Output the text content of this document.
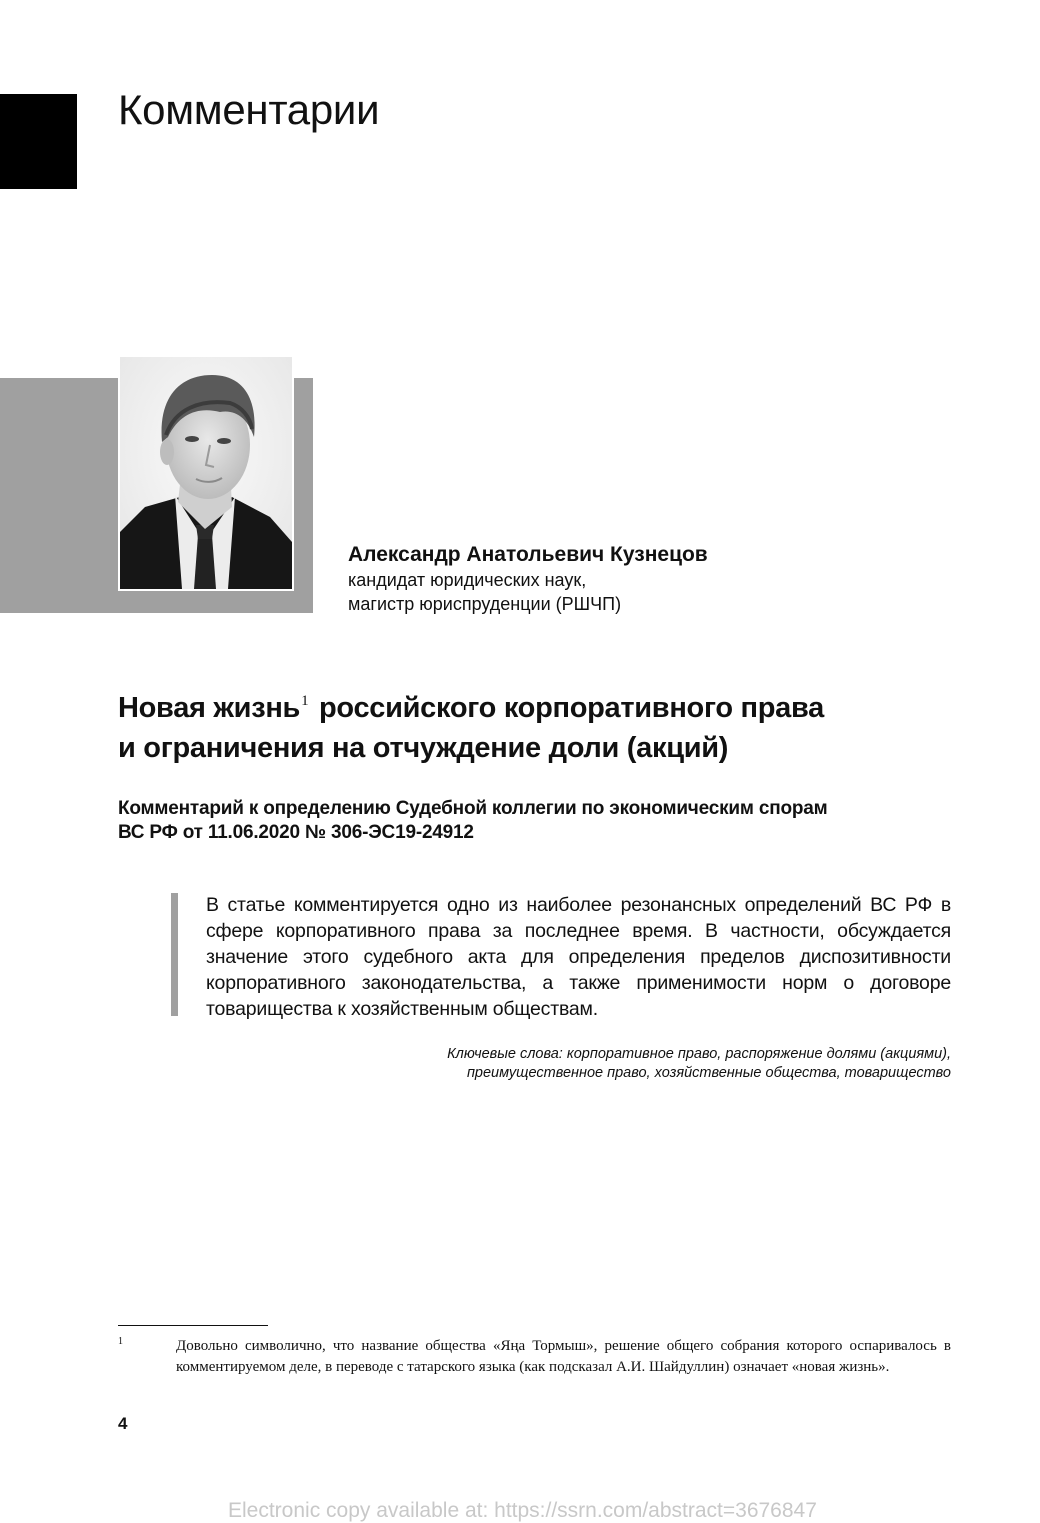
Комментарии

Александр Анатольевич Кузнецов

кандидат юридических наук,

магистр юриспруденции (РШЧП)

Новая жизнь$^1$ российского корпоративного права
и ограничения на отчуждение доли (акций)

Комментарий к определению Судебной коллегии по экономическим спорам
ВС РФ от 11.06.2020 № 306-ЭС19-24912

В статье комментируется одно из наиболее резонансных определений ВС РФ в сфере корпоративного права за последнее время. В частности, обсуждается значение этого судебного акта для определения пределов диспозитивности корпоративного законодательства, а также применимости норм о договоре товарищества к хозяйственным обществам.

Ключевые слова: корпоративное право, распоряжение долями (акциями),
преимущественное право, хозяйственные общества, товарищество

1	Довольно символично, что название общества «Яңа Тормыш», решение общего собрания которого оспаривалось в комментируемом деле, в переводе с татарского языка (как подсказал А.И. Шайдуллин) означает «новая жизнь».

4
Electronic copy available at: https://ssrn.com/abstract=3676847
